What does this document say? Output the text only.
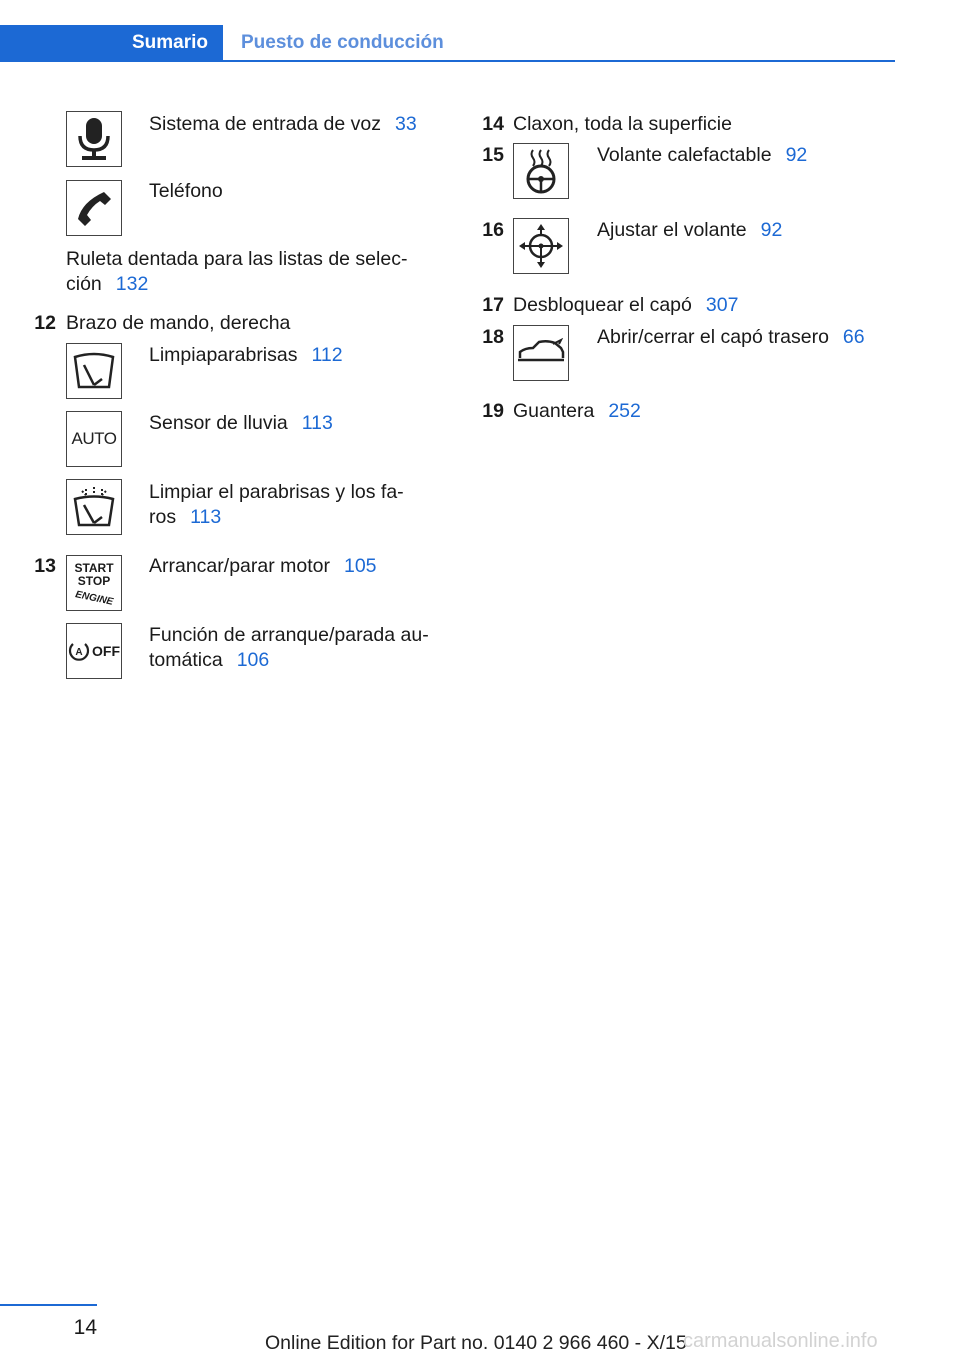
Sumario	Puesto de conducción
Sistema de entrada de voz 33
Teléfono
Ruleta dentada para las listas de selec-
ción 132
12 Brazo de mando, derecha
Limpiaparabrisas 112
AUTO
Sensor de lluvia 113
Limpiar el parabrisas y los fa-
ros 113
13 START
STOP
ENGINE
Arrancar/parar motor 105
A OFF
Función de arranque/parada au-
tomática 106
14 Claxon, toda la superficie
15	Volante calefactable 92
16	Ajustar el volante 92
17 Desbloquear el capó 307
18	Abrir/cerrar el capó trasero 66
19 Guantera 252
14
Online Edition for Part no. 0140 2 966 460 - X/15
carmanualsonline.info
